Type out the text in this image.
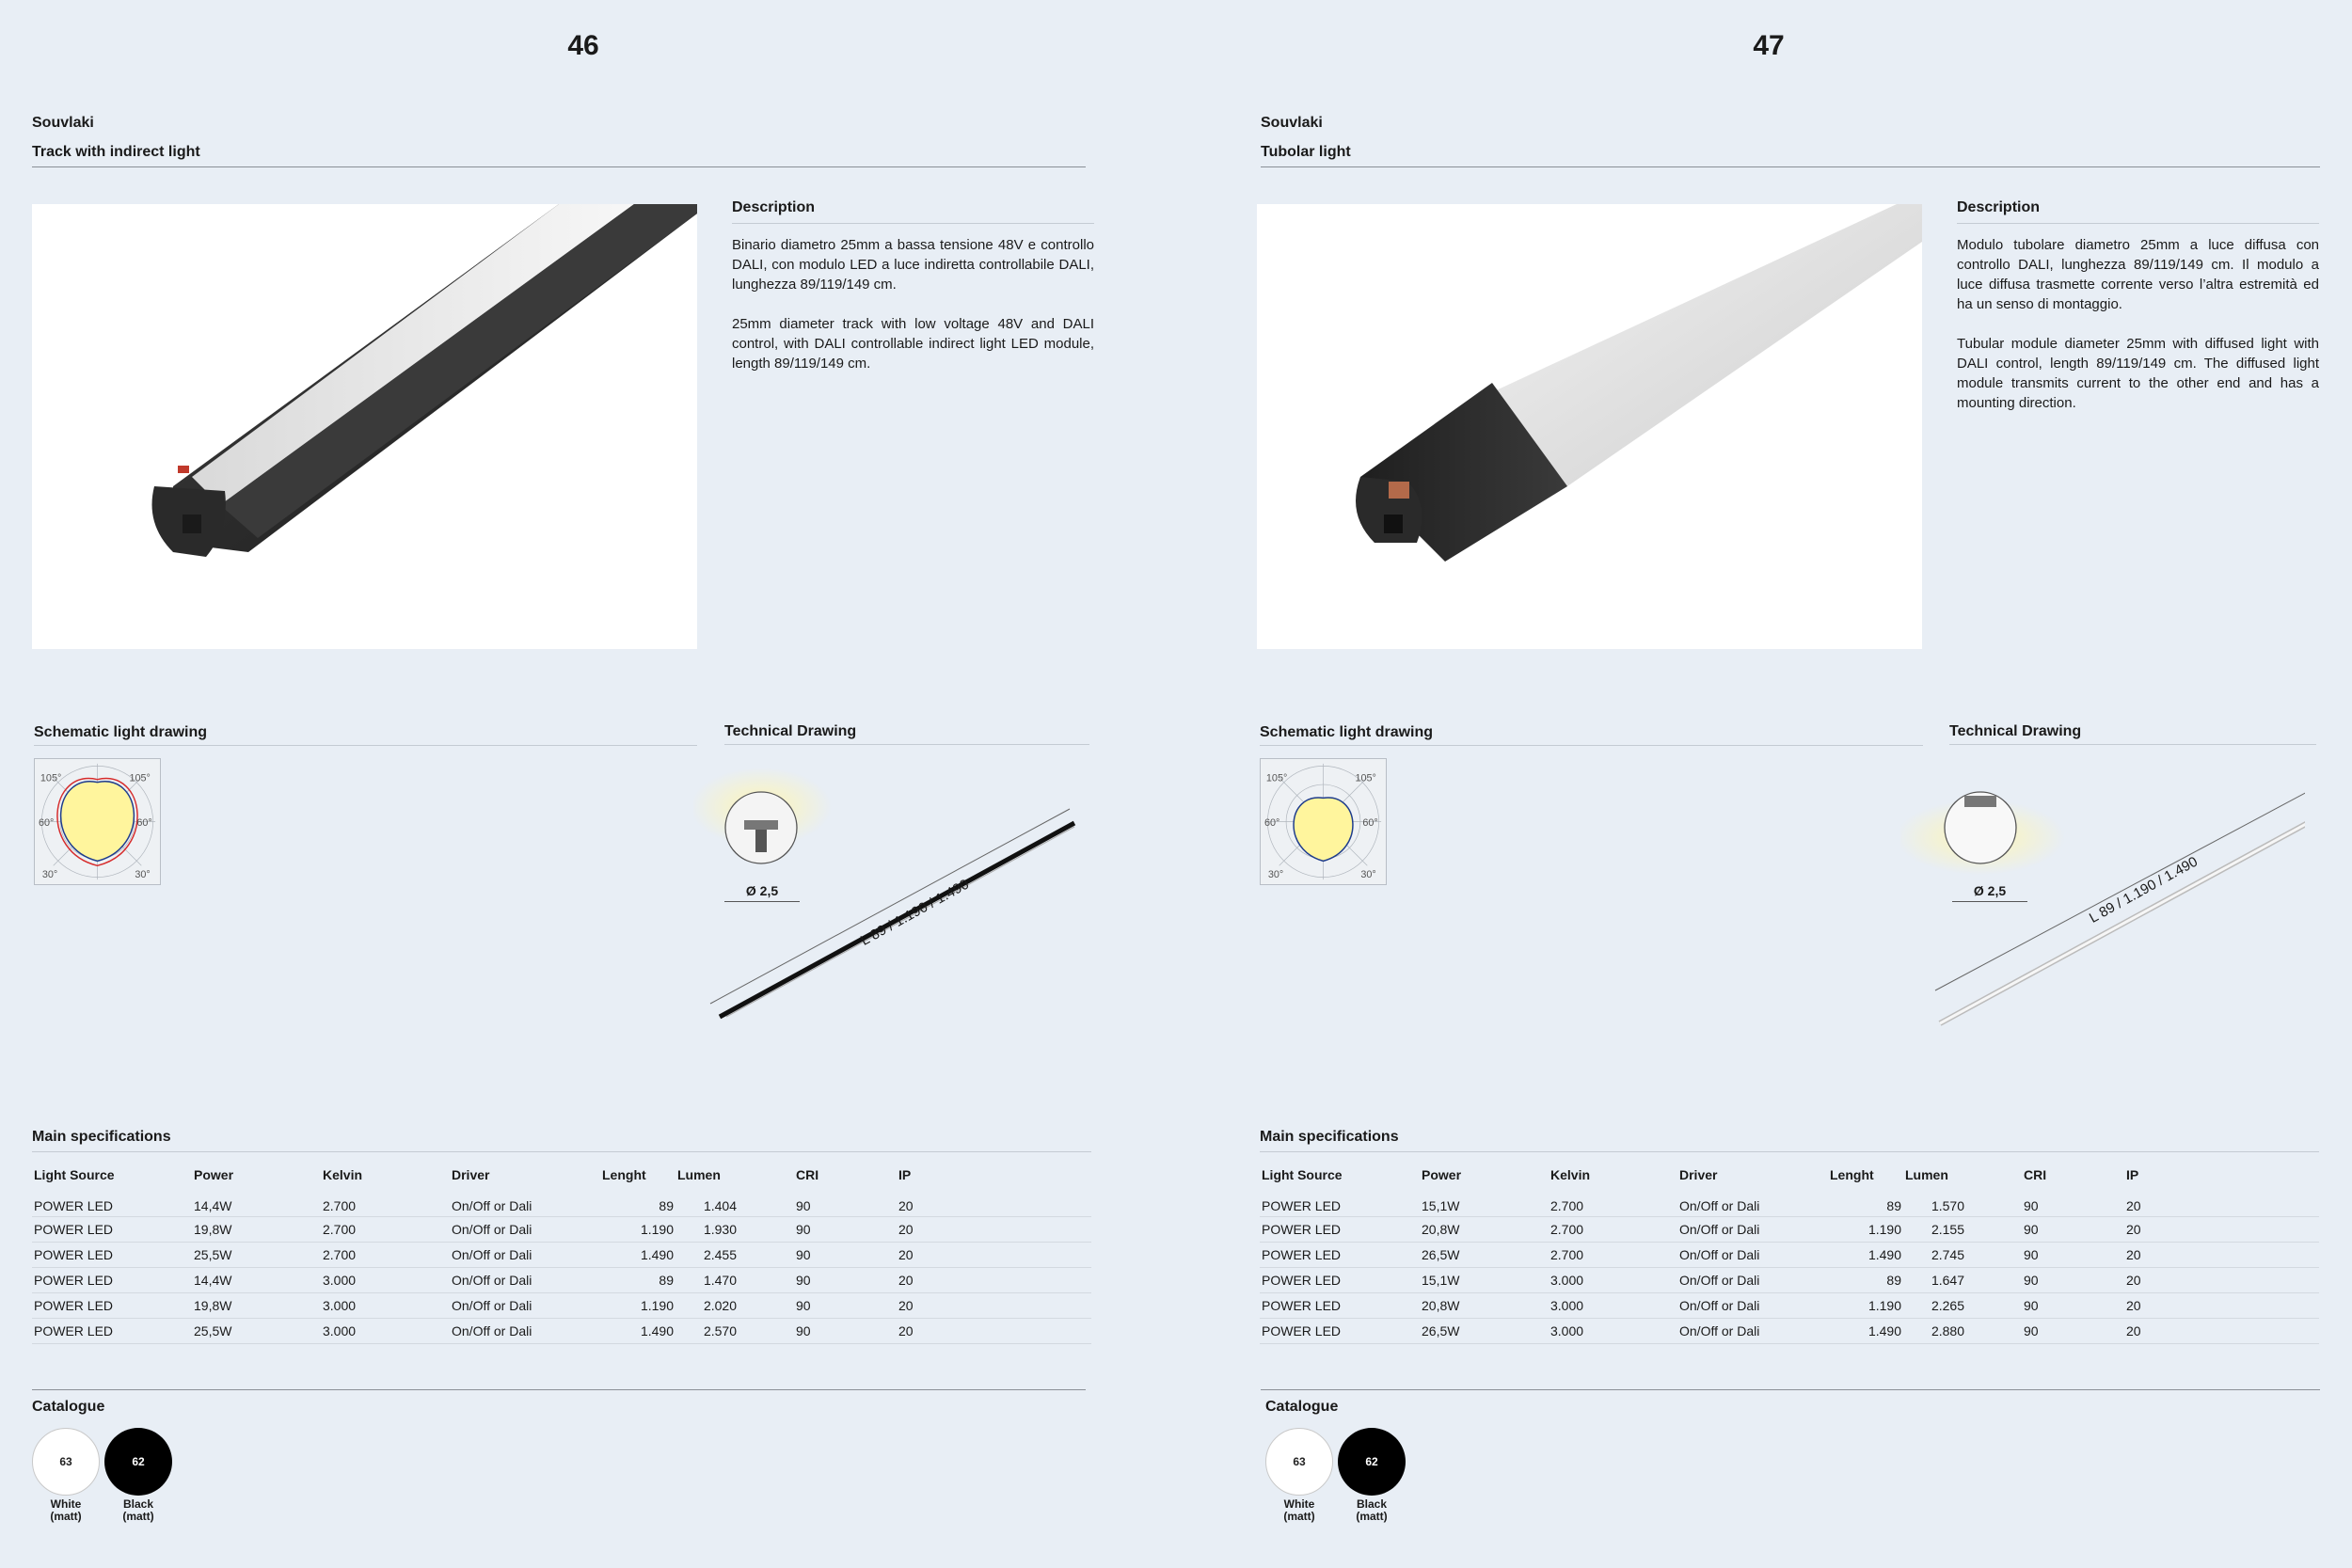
46
Souvlaki
Track with indirect light
Description

Binario diametro 25mm a bassa tensione 48V e controllo DALI, con modulo LED a luce indiretta controllabile DALI, lunghezza 89/119/149 cm.

25mm diameter track with low voltage 48V and DALI control, with DALI controllable indirect light LED module, length 89/119/149 cm.

Schematic light drawing
105°	105°
60°	60°
30°	30°
Technical Drawing
Ø 2,5	L 89 / 1.190 / 1.490
Main specifications
Light Source	Power	Kelvin	Driver	Lenght	Lumen	CRI	IP
POWER LED	14,4W	2.700	On/Off or Dali	89	1.404	90	20
POWER LED	19,8W	2.700	On/Off or Dali	1.190	1.930	90	20
POWER LED	25,5W	2.700	On/Off or Dali	1.490	2.455	90	20
POWER LED	14,4W	3.000	On/Off or Dali	89	1.470	90	20
POWER LED	19,8W	3.000	On/Off or Dali	1.190	2.020	90	20
POWER LED	25,5W	3.000	On/Off or Dali	1.490	2.570	90	20
Catalogue
63
White
(matt)
62
Black
(matt)
47
Souvlaki
Tubolar light
Description

Modulo tubolare diametro 25mm a luce diffusa con controllo DALI, lunghezza 89/119/149 cm. Il modulo a luce diffusa trasmette corrente verso l’altra estremità ed ha un senso di montaggio.

Tubular module diameter 25mm with diffused light with DALI control, length 89/119/149 cm. The diffused light module transmits current to the other end and has a mounting direction.

Schematic light drawing
105°	105°
60°	60°
30°	30°
Technical Drawing
Ø 2,5	L 89 / 1.190 / 1.490
Main specifications
Light Source	Power	Kelvin	Driver	Lenght	Lumen	CRI	IP
POWER LED	15,1W	2.700	On/Off or Dali	89	1.570	90	20
POWER LED	20,8W	2.700	On/Off or Dali	1.190	2.155	90	20
POWER LED	26,5W	2.700	On/Off or Dali	1.490	2.745	90	20
POWER LED	15,1W	3.000	On/Off or Dali	89	1.647	90	20
POWER LED	20,8W	3.000	On/Off or Dali	1.190	2.265	90	20
POWER LED	26,5W	3.000	On/Off or Dali	1.490	2.880	90	20
Catalogue
63
White
(matt)
62
Black
(matt)
